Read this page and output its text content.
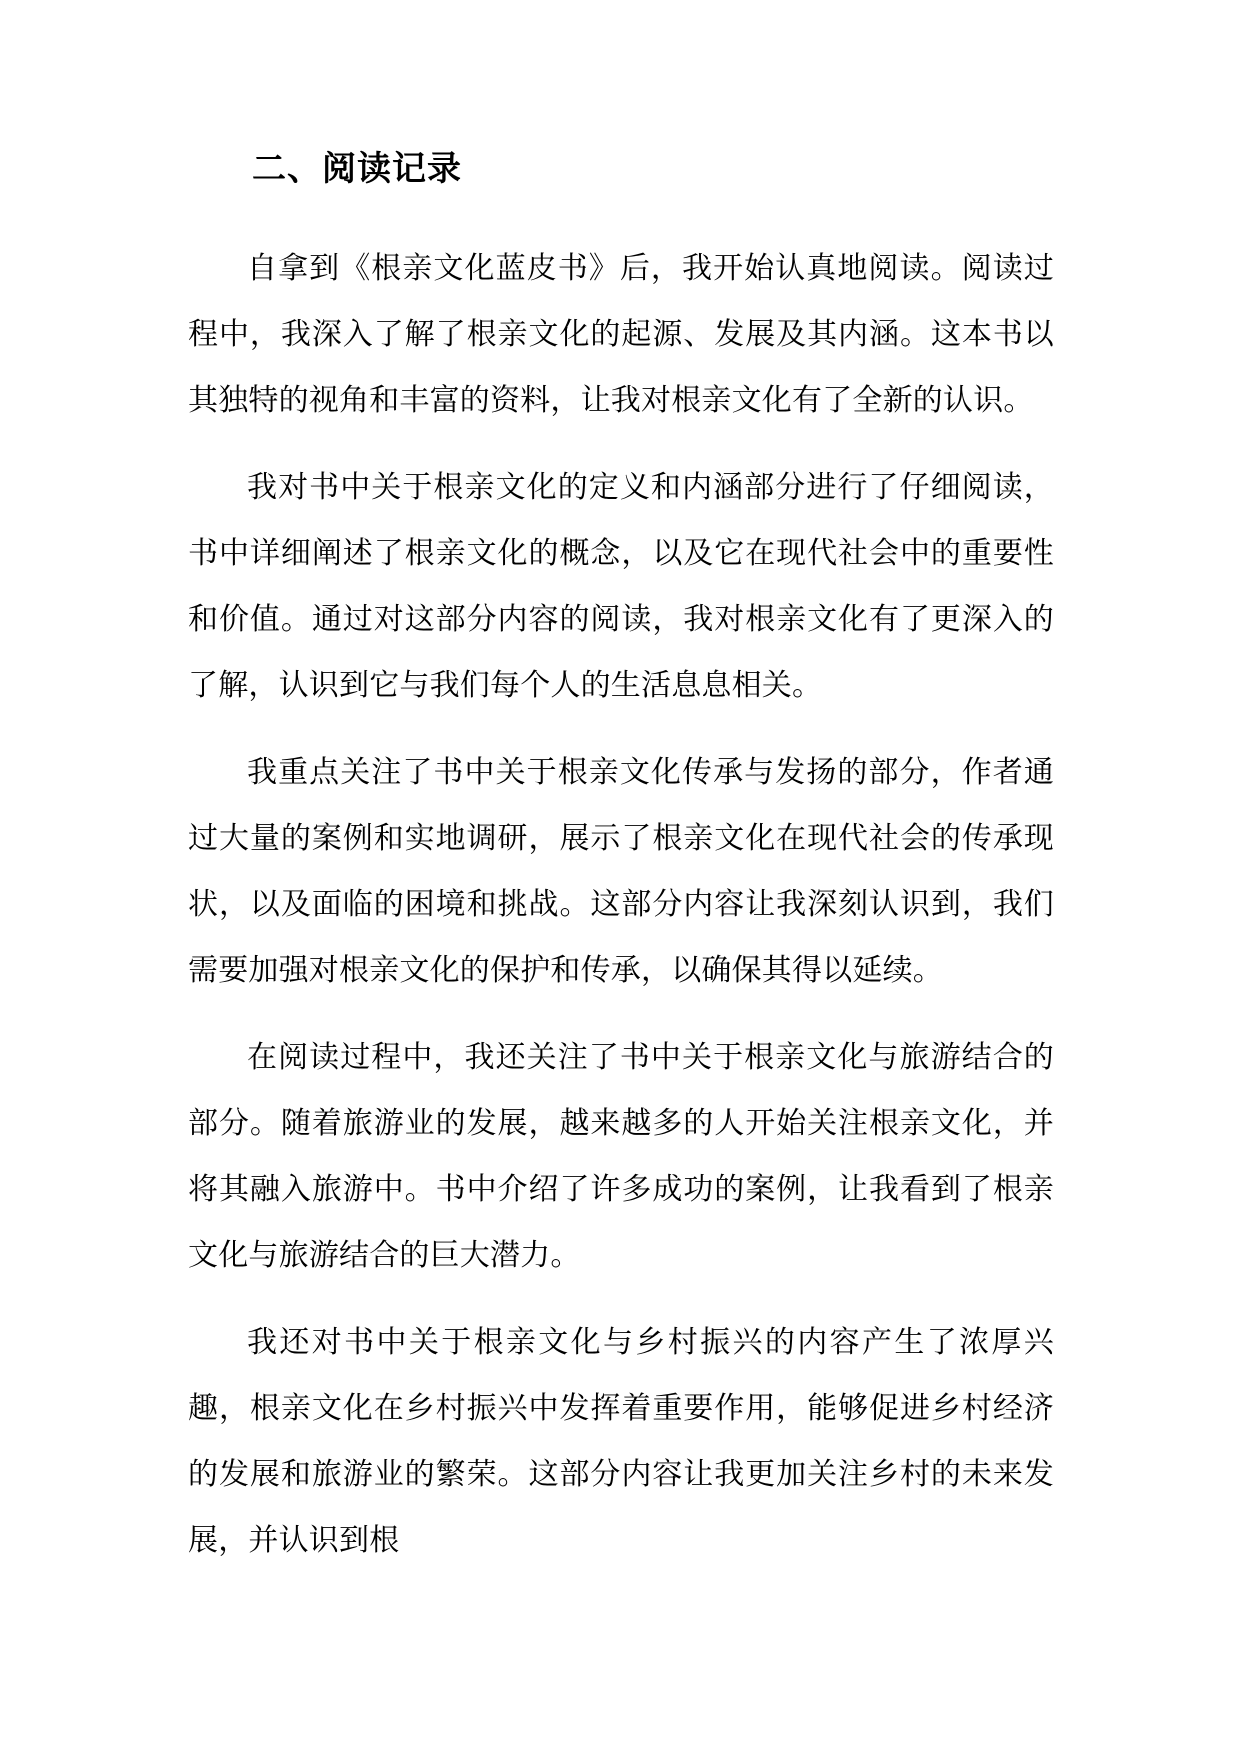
二、阅读记录

自拿到《根亲文化蓝皮书》后，我开始认真地阅读。阅读过程中，我深入了解了根亲文化的起源、发展及其内涵。这本书以其独特的视角和丰富的资料，让我对根亲文化有了全新的认识。

我对书中关于根亲文化的定义和内涵部分进行了仔细阅读，书中详细阐述了根亲文化的概念，以及它在现代社会中的重要性和价值。通过对这部分内容的阅读，我对根亲文化有了更深入的了解，认识到它与我们每个人的生活息息相关。

我重点关注了书中关于根亲文化传承与发扬的部分，作者通过大量的案例和实地调研，展示了根亲文化在现代社会的传承现状，以及面临的困境和挑战。这部分内容让我深刻认识到，我们需要加强对根亲文化的保护和传承，以确保其得以延续。

在阅读过程中，我还关注了书中关于根亲文化与旅游结合的部分。随着旅游业的发展，越来越多的人开始关注根亲文化，并将其融入旅游中。书中介绍了许多成功的案例，让我看到了根亲文化与旅游结合的巨大潜力。

我还对书中关于根亲文化与乡村振兴的内容产生了浓厚兴趣，根亲文化在乡村振兴中发挥着重要作用，能够促进乡村经济的发展和旅游业的繁荣。这部分内容让我更加关注乡村的未来发展，并认识到根
